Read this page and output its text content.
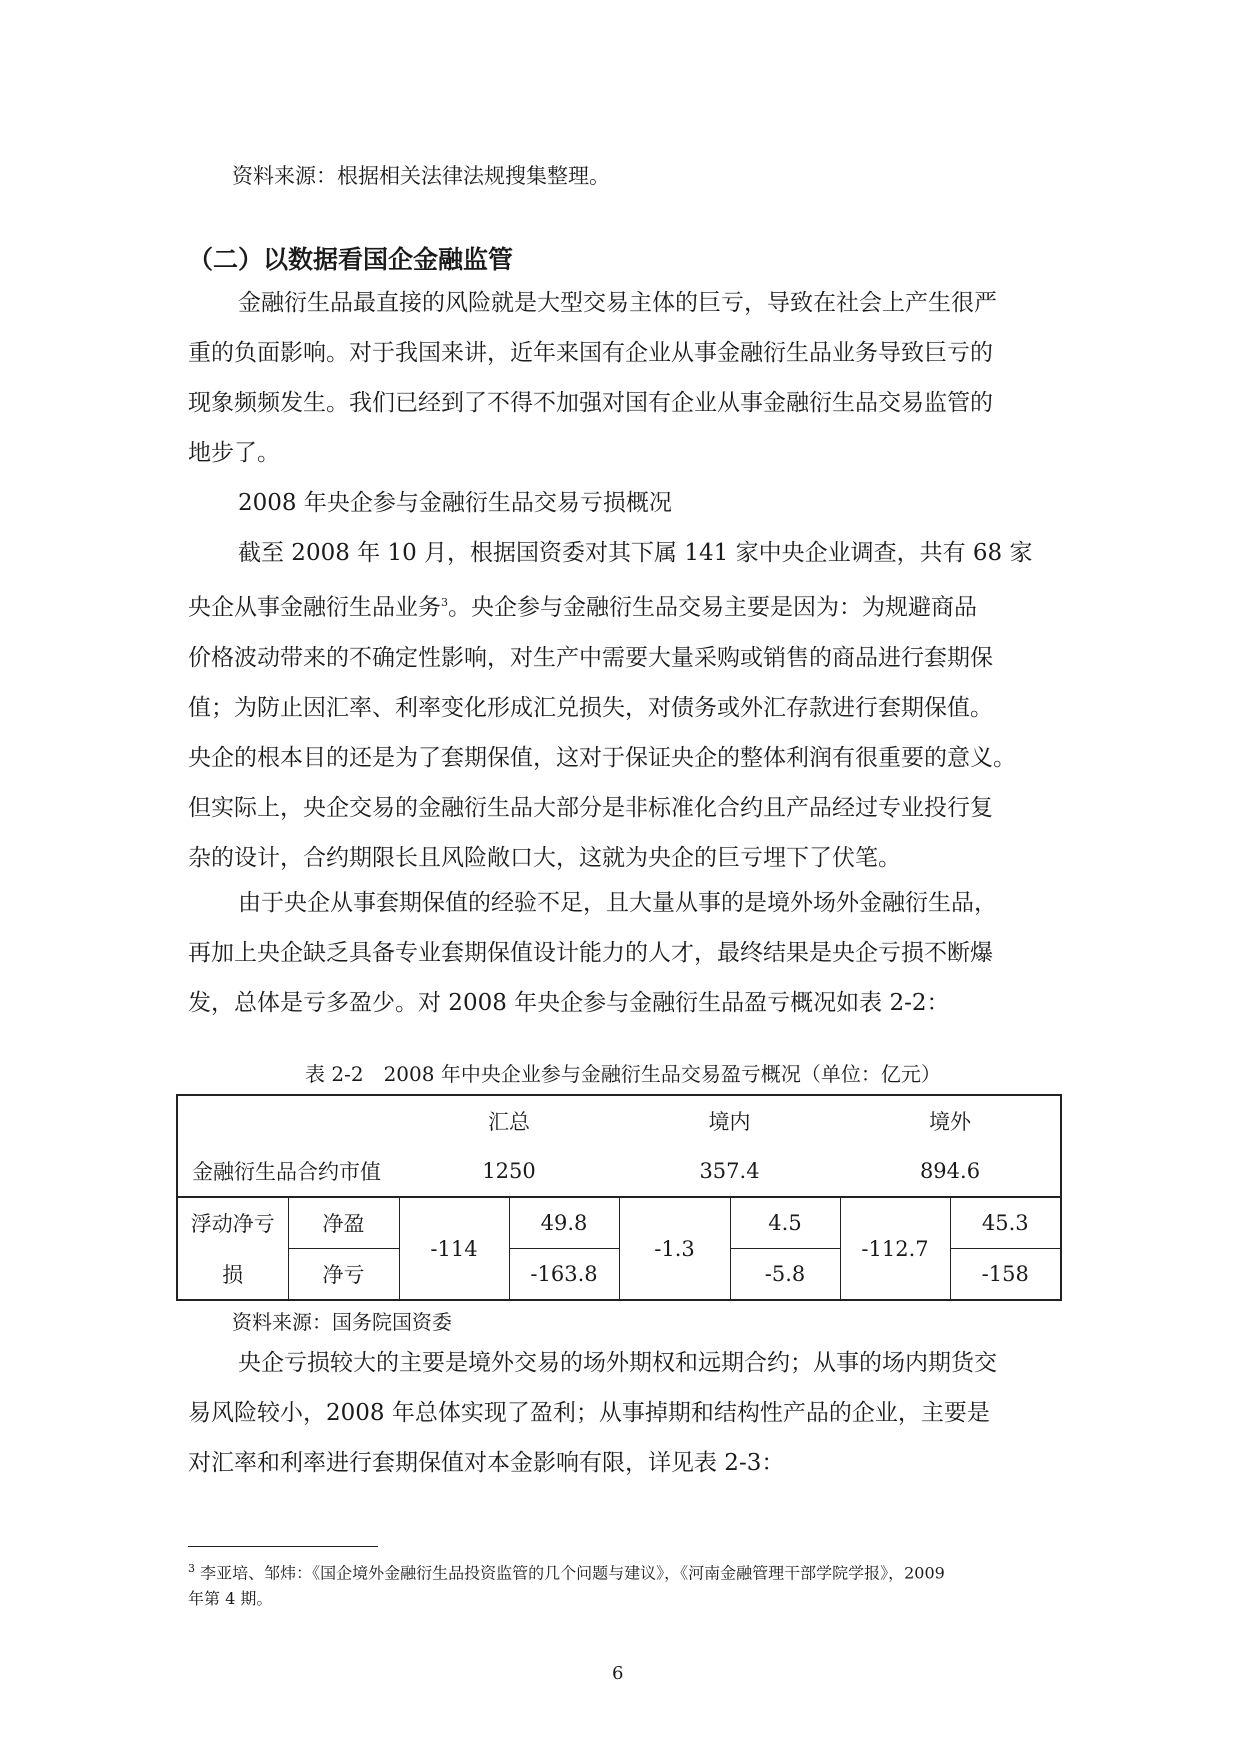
资料来源：根据相关法律法规搜集整理。
（二）以数据看国企金融监管

金融衍生品最直接的风险就是大型交易主体的巨亏，导致在社会上产生很严
重的负面影响。对于我国来讲，近年来国有企业从事金融衍生品业务导致巨亏的
现象频频发生。我们已经到了不得不加强对国有企业从事金融衍生品交易监管的
地步了。

2008 年央企参与金融衍生品交易亏损概况

截至 2008 年 10 月，根据国资委对其下属 141 家中央企业调查，共有 68 家
央企从事金融衍生品业务$^3$。央企参与金融衍生品交易主要是因为：为规避商品
价格波动带来的不确定性影响，对生产中需要大量采购或销售的商品进行套期保
值；为防止因汇率、利率变化形成汇兑损失，对债务或外汇存款进行套期保值。
央企的根本目的还是为了套期保值，这对于保证央企的整体利润有很重要的意义。
但实际上，央企交易的金融衍生品大部分是非标准化合约且产品经过专业投行复
杂的设计，合约期限长且风险敞口大，这就为央企的巨亏埋下了伏笔。

由于央企从事套期保值的经验不足，且大量从事的是境外场外金融衍生品，
再加上央企缺乏具备专业套期保值设计能力的人才，最终结果是央企亏损不断爆
发，总体是亏多盈少。对 2008 年央企参与金融衍生品盈亏概况如表 2-2：

表 2-2　2008 年中央企业参与金融衍生品交易盈亏概况（单位：亿元）
		汇总		境内		境外	
金融衍生品合约市值		1250		357.4		894.6	
浮动净亏	净盈	-114	49.8	-1.3	4.5	-112.7	45.3
损	净亏		-163.8		-5.8		-158
资料来源：国务院国资委

央企亏损较大的主要是境外交易的场外期权和远期合约；从事的场内期货交
易风险较小，2008 年总体实现了盈利；从事掉期和结构性产品的企业，主要是
对汇率和利率进行套期保值对本金影响有限，详见表 2-3：

$^3$ 李亚培、邹炜：《国企境外金融衍生品投资监管的几个问题与建议》，《河南金融管理干部学院学报》，2009
年第 4 期。
6
